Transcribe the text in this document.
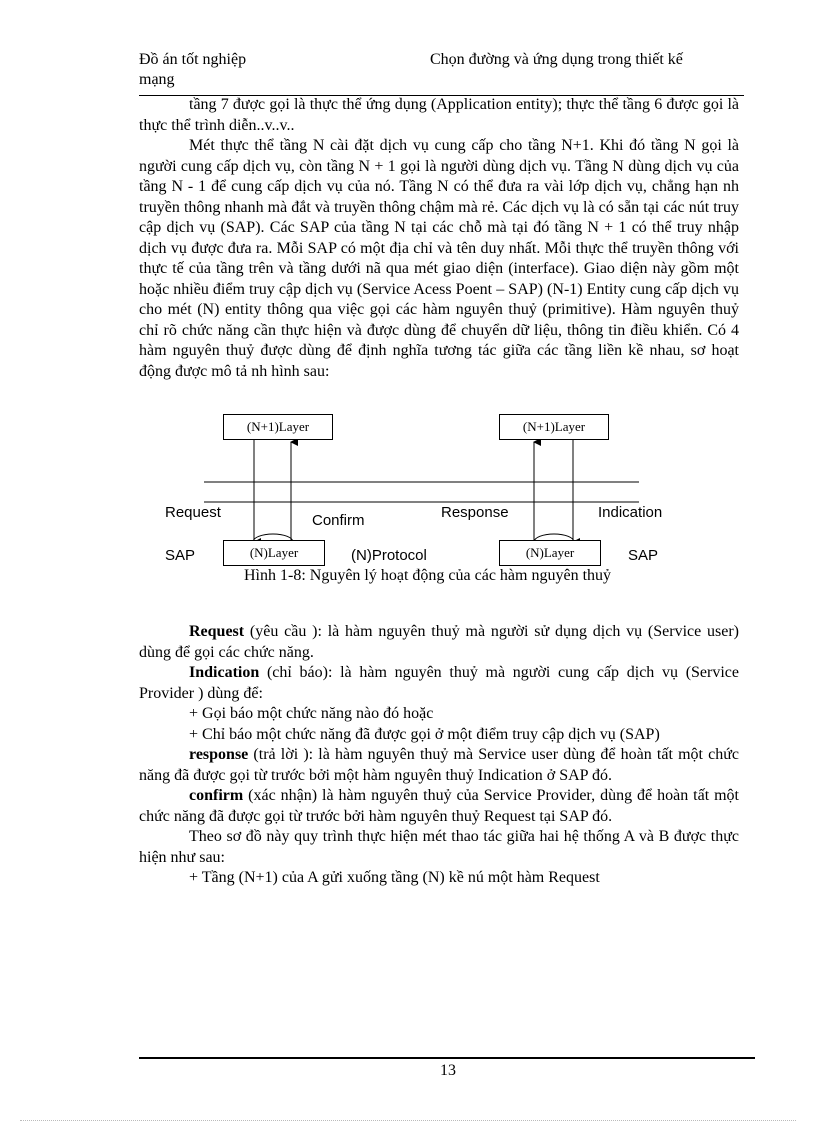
Đồ án tốt nghiệp mạng
Chọn đường và ứng dụng trong thiết kế

tầng 7 được gọi là thực thể ứng dụng (Application entity); thực thể tầng 6 được gọi là thực thể trình diễn..v..v..

Mét thực thể tầng N cài đặt dịch vụ cung cấp cho tầng N+1. Khi đó tầng N gọi là người cung cấp dịch vụ, còn tầng N + 1 gọi là người dùng dịch vụ. Tầng N dùng dịch vụ của tầng N - 1 để cung cấp dịch vụ của nó. Tầng N có thể đưa ra vài lớp dịch vụ, chẳng hạn nh truyền thông nhanh mà đắt và truyền thông chậm mà rẻ. Các dịch vụ là có sẵn tại các nút truy cập dịch vụ (SAP). Các SAP của tầng N tại các chỗ mà tại đó tầng N + 1 có thể truy nhập dịch vụ được đưa ra. Mỗi SAP có một địa chỉ và tên duy nhất. Mỗi thực thể truyền thông với thực tế của tầng trên và tầng dưới nã qua mét giao diện (interface). Giao diện này gồm một hoặc nhiều điểm truy cập dịch vụ (Service Acess Poent – SAP) (N-1) Entity cung cấp dịch vụ cho mét (N) entity thông qua việc gọi các hàm nguyên thuỷ (primitive). Hàm nguyên thuỷ chỉ rõ chức năng cần thực hiện và được dùng để chuyển dữ liệu, thông tin điều khiển. Có 4 hàm nguyên thuỷ được dùng để định nghĩa tương tác giữa các tầng liền kề nhau, sơ hoạt động được mô tả nh hình sau:

(N+1)Layer	(N+1)Layer
(N)Layer	(N)Layer
Request	Confirm	Response	Indication
SAP	(N)Protocol	SAP
Hình 1-8: Nguyên lý hoạt động của các hàm nguyên thuỷ

Request (yêu cầu ): là hàm nguyên thuỷ mà người sử dụng dịch vụ (Service user) dùng để gọi các chức năng.

Indication (chỉ báo): là hàm nguyên thuỷ mà người cung cấp dịch vụ (Service Provider ) dùng để:

+ Gọi báo một chức năng nào đó hoặc

+ Chỉ báo một chức năng đã được gọi ở một điểm truy cập dịch vụ (SAP)

response (trả lời ): là hàm nguyên thuỷ mà Service user dùng để hoàn tất một chức năng đã được gọi từ trước bởi một hàm nguyên thuỷ Indication ở SAP đó.

confirm (xác nhận) là hàm nguyên thuỷ của Service Provider, dùng để hoàn tất một chức năng đã được gọi từ trước bởi hàm nguyên thuỷ Request tại SAP đó.

Theo sơ đồ này quy trình thực hiện mét thao tác giữa hai hệ thống A và B được thực hiện như sau:

+ Tầng (N+1) của A gửi xuống tầng (N) kề nú một hàm Request

13
